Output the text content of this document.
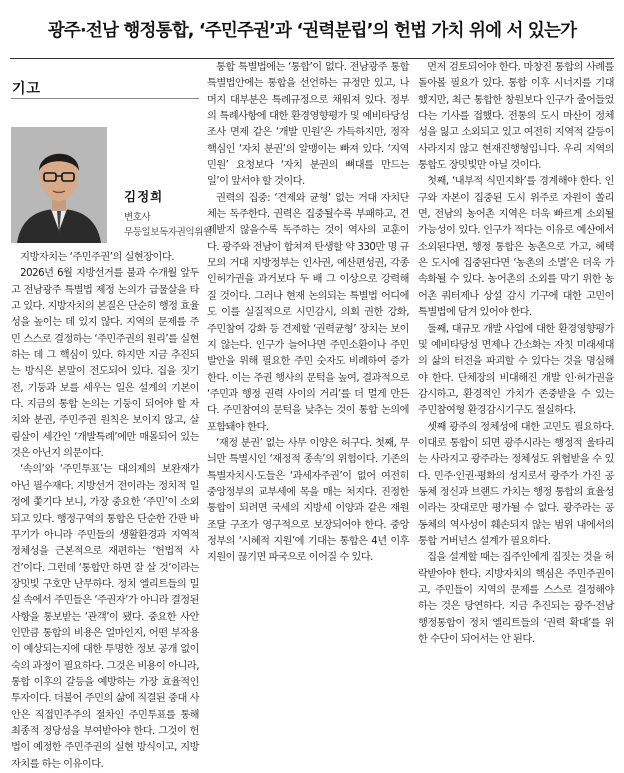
광주·전남 행정통합, ‘주민주권’과 ‘권력분립’의 헌법 가치 위에 서 있는가
기고
김정희
변호사
무등일보독자권익위원

지방자치는 ‘주민주권’의 실현장이다.

2026년 6월 지방선거를 불과 수개월 앞두고 전남광주 특별법 제정 논의가 급물살을 타고 있다. 지방자치의 본질은 단순히 행정 효율성을 높이는 데 있지 않다. 지역의 문제를 주민 스스로 결정하는 ‘주민주권의 원리’를 실현하는 데 그 핵심이 있다. 하지만 지금 추진되는 방식은 본말이 전도되어 있다. 집을 짓기 전, 기둥과 보를 세우는 일은 설계의 기본이다. 지금의 통합 논의는 기둥이 되어야 할 자치와 분권, 주민주권 원칙은 보이지 않고, 살림살이 세간인 ‘개발특례’에만 매몰되어 있는 것은 아닌지 의문이다.

‘속의’와 ‘주민투표’는 대의제의 보완재가 아닌 필수재다. 지방선거 전이라는 정치적 일정에 쫓기다 보니, 가장 중요한 ‘주민’이 소외되고 있다. 행정구역의 통합은 단순한 간판 바꾸기가 아니라 주민들의 생활환경과 지역적 정체성을 근본적으로 재편하는 ‘헌법적 사건’이다. 그런데 ‘통합만 하면 잘 살 것’이라는 장밋빛 구호만 난무하다. 정치 엘리트들의 밀실 속에서 주민들은 ‘주권자’가 아니라 결정된 사항을 통보받는 ‘관객’이 됐다. 중요한 사안인만큼 통합의 비용은 얼마인지, 어떤 부작용이 예상되는지에 대한 투명한 정보 공개 없이 숙의 과정이 필요하다. 그것은 비용이 아니라, 통합 이후의 갈등을 예방하는 가장 효율적인 투자이다. 더불어 주민의 삶에 직결된 중대 사안은 직접민주주의 절차인 주민투표를 통해 최종적 정당성을 부여받아야 한다. 그것이 헌법이 예정한 주민주권의 실현 방식이고, 지방자치를 하는 이유이다.

통합 특별법에는 ‘통합’이 없다. 전남광주 통합 특별법안에는 통합을 선언하는 규정만 있고, 나머지 대부분은 특례규정으로 채워져 있다. 정부의 특례사항에 대한 환경영향평가 및 예비타당성조사 면제 같은 ‘개발 민원’은 가득하지만, 정작 핵심인 ‘자치 분권’의 알맹이는 빠져 있다. ‘지역 민원’ 요청보다 ‘자치 분권의 뼈대를 만드는 일’이 앞서야 할 것이다.

권력의 집중: ‘견제와 균형’ 없는 거대 자치단체는 독주한다. 권력은 집중될수록 부패하고, 견제받지 않을수록 독주하는 것이 역사의 교훈이다. 광주와 전남이 합쳐져 탄생할 약 330만 명 규모의 거대 지방정부는 인사권, 예산편성권, 각종 인허가권을 과거보다 두 배 그 이상으로 강력해질 것이다. 그러나 현재 논의되는 특별법 어디에도 이를 실질적으로 시민감시, 의회 권한 강화, 주민참여 강화 등 견제할 ‘권력균형’ 장치는 보이지 않는다. 인구가 늘어나면 주민소환이나 주민발안을 위해 필요한 주민 숫자도 비례하여 증가한다. 이는 주권 행사의 문턱을 높여, 결과적으로 ‘주민과 행정 권력 사이의 거리’를 더 멀게 만든다. 주민참여의 문턱을 낮추는 것이 통합 논의에 포함돼야 한다.

‘재정 분권’ 없는 사무 이양은 허구다. 첫째, 무늬만 특별시인 ‘재정적 종속’의 위험이다. 기존의 특별자치시·도들은 ‘과세자주권’이 없어 여전히 중앙정부의 교부세에 목을 매는 처지다. 진정한 통합이 되려면 국세의 지방세 이양과 같은 재원조달 구조가 영구적으로 보장되어야 한다. 중앙정부의 ‘시혜적 지원’에 기대는 통합은 4년 이후 지원이 끊기면 파국으로 이어질 수 있다.

먼저 검토되어야 한다. 마창진 통합의 사례를 돌아볼 필요가 있다. 통합 이후 시너지를 기대했지만, 최근 통합한 창원보다 인구가 줄어들었다는 기사를 접했다. 전통의 도시 마산이 정체성을 잃고 소외되고 있고 여전히 지역적 갈등이 사라지지 않고 현재진행형입니다. 우리 지역의 통합도 장밋빛만 아닐 것이다.

첫째, ‘내부적 식민지화’를 경계해야 한다. 인구와 자본이 집중된 도시 위주로 자원이 쏠리면, 전남의 농어촌 지역은 더욱 빠르게 소외될 가능성이 있다. 인구가 적다는 이유로 예산에서 소외된다면, 행정 통합은 농촌으로 가고, 혜택은 도시에 집중된다면 ‘농촌의 소멸’은 더욱 가속화될 수 있다. 농어촌의 소외를 막기 위한 농어촌 쿼터제나 상설 감시 기구에 대한 고민이 특별법에 담겨 있어야 한다.

둘째, 대규모 개발 사업에 대한 환경영향평가 및 예비타당성 면제나 간소화는 자칫 미래세대의 삶의 터전을 파괴할 수 있다는 것을 명심해야 한다. 단체장의 비대해진 개발 인·허가권을 감시하고, 환경적인 가치가 존중받을 수 있는 주민참여형 환경감시기구도 절실하다.

셋째 광주의 정체성에 대한 고민도 필요하다. 이대로 통합이 되면 광주시라는 행정적 울타리는 사라지고 광주라는 정체성도 위협받을 수 있다. 민주·인권·평화의 성지로서 광주가 가진 공동체 정신과 브랜드 가치는 행정 통합의 효율성이라는 잣대로만 평가될 수 없다. 광주라는 공동체의 역사성이 훼손되지 않는 범위 내에서의 통합 거버넌스 설계가 필요하다.

집을 설계할 때는 집주인에게 집짓는 것을 허락받아야 한다. 지방자치의 핵심은 주민주권이고, 주민들이 지역의 문제를 스스로 결정해야 하는 것은 당연하다. 지금 추진되는 광주·전남 행정통합이 정치 엘리트들의 ‘권력 확대’를 위한 수단이 되어서는 안 된다.
